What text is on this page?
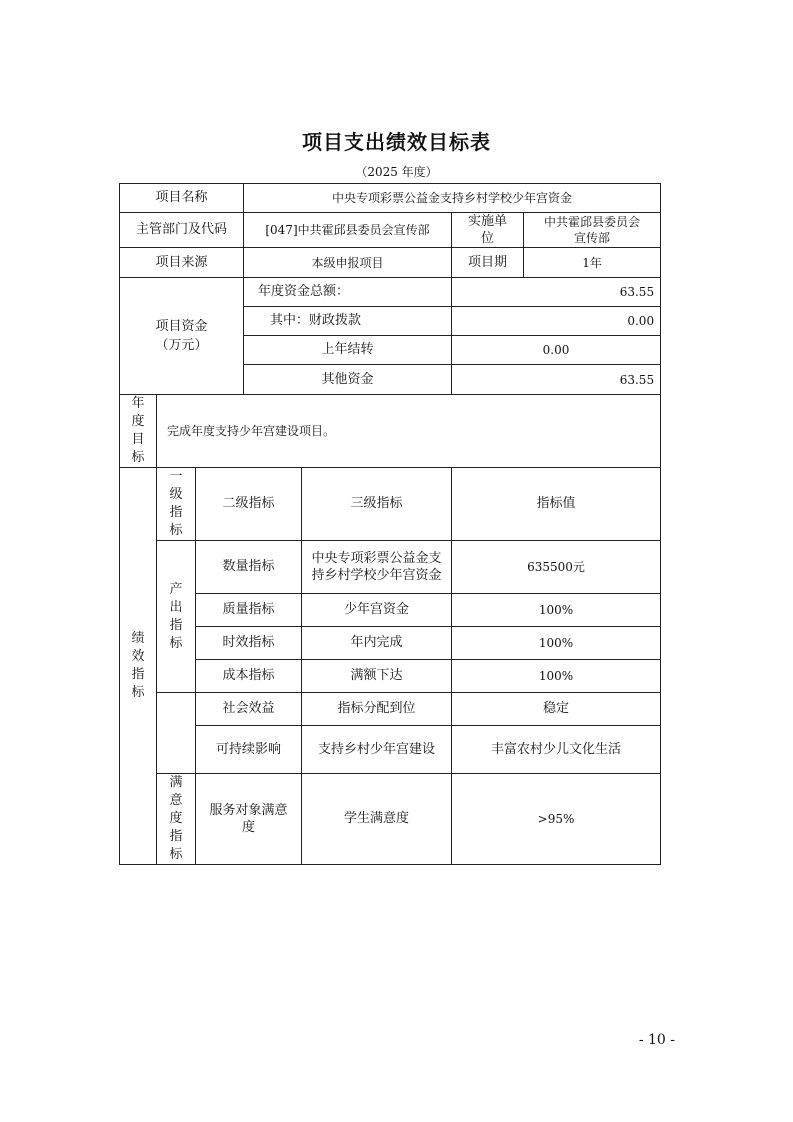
项目支出绩效目标表
（2025 年度）
项目名称			中央专项彩票公益金支持乡村学校少年宫资金			
主管部门及代码			[047]中共霍邱县委员会宣传部		实施单位	中共霍邱县委员会宣传部
项目来源			本级申报项目		项目期	1年
项目资金
（万元）			年度资金总额：		63.55	
			其中：财政拨款		0.00	
			上年结转		0.00	
			其他资金		63.55	
年度目标	完成年度支持少年宫建设项目。					
绩效指标	一级指标	二级指标		三级指标	指标值	
	产出指标	数量指标		中央专项彩票公益金支持乡村学校少年宫资金	635500元	
		质量指标		少年宫资金	100%	
		时效指标		年内完成	100%	
		成本指标		满额下达	100%	
		社会效益		指标分配到位	稳定	
		可持续影响		支持乡村少年宫建设	丰富农村少儿文化生活	
	满意度指标	服务对象满意度		学生满意度	>95%	
- 10 -
